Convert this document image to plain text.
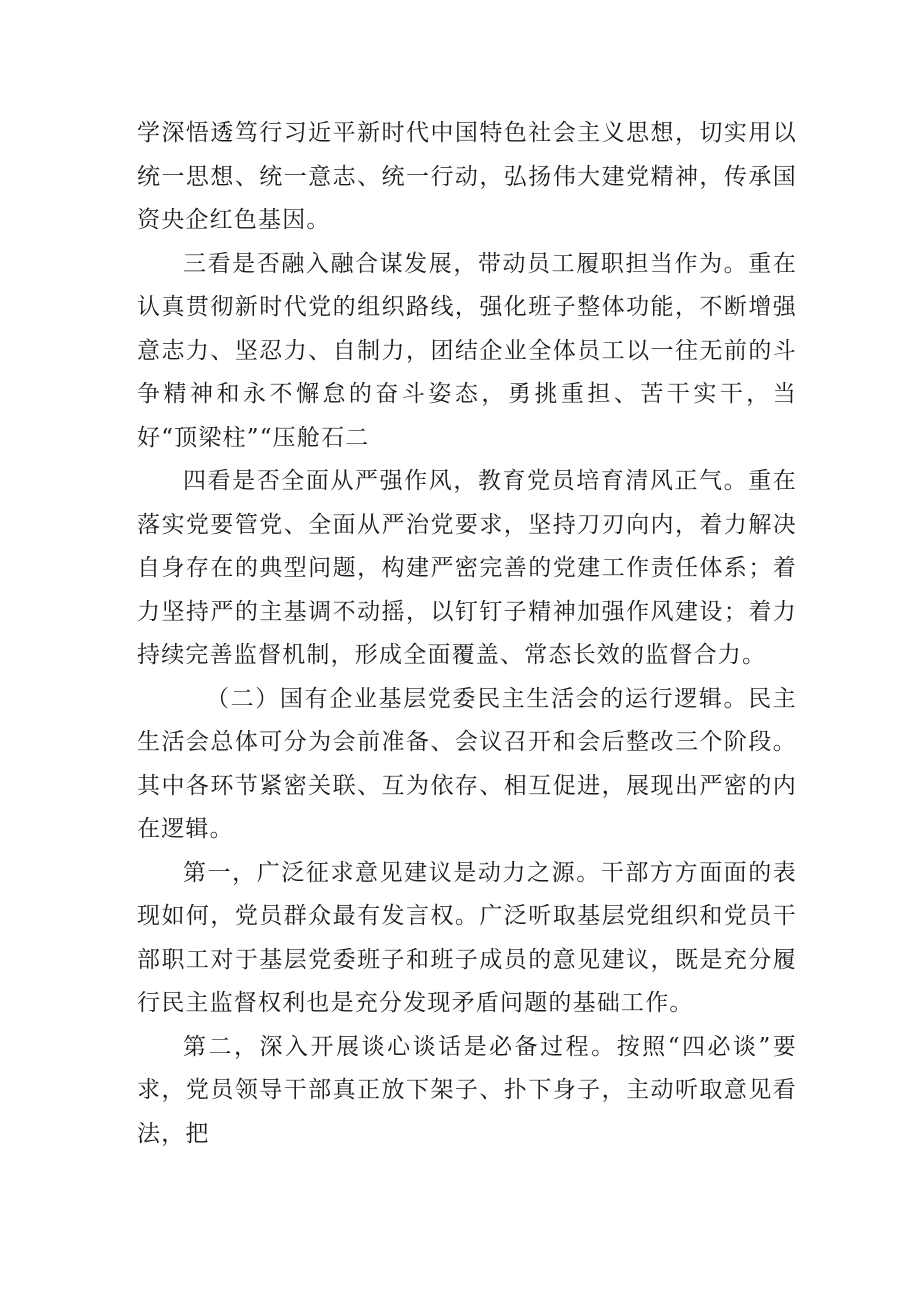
学深悟透笃行习近平新时代中国特色社会主义思想，切实用以统一思想、统一意志、统一行动，弘扬伟大建党精神，传承国资央企红色基因。

三看是否融入融合谋发展，带动员工履职担当作为。重在认真贯彻新时代党的组织路线，强化班子整体功能，不断增强意志力、坚忍力、自制力，团结企业全体员工以一往无前的斗争精神和永不懈怠的奋斗姿态，勇挑重担、苦干实干，当好“顶梁柱”“压舱石二

四看是否全面从严强作风，教育党员培育清风正气。重在落实党要管党、全面从严治党要求，坚持刀刃向内，着力解决自身存在的典型问题，构建严密完善的党建工作责任体系；着力坚持严的主基调不动摇，以钉钉子精神加强作风建设；着力持续完善监督机制，形成全面覆盖、常态长效的监督合力。

（二）国有企业基层党委民主生活会的运行逻辑。民主生活会总体可分为会前准备、会议召开和会后整改三个阶段。其中各环节紧密关联、互为依存、相互促进，展现出严密的内在逻辑。

第一，广泛征求意见建议是动力之源。干部方方面面的表现如何，党员群众最有发言权。广泛听取基层党组织和党员干部职工对于基层党委班子和班子成员的意见建议，既是充分履行民主监督权利也是充分发现矛盾问题的基础工作。

第二，深入开展谈心谈话是必备过程。按照“四必谈”要求，党员领导干部真正放下架子、扑下身子，主动听取意见看法，把
